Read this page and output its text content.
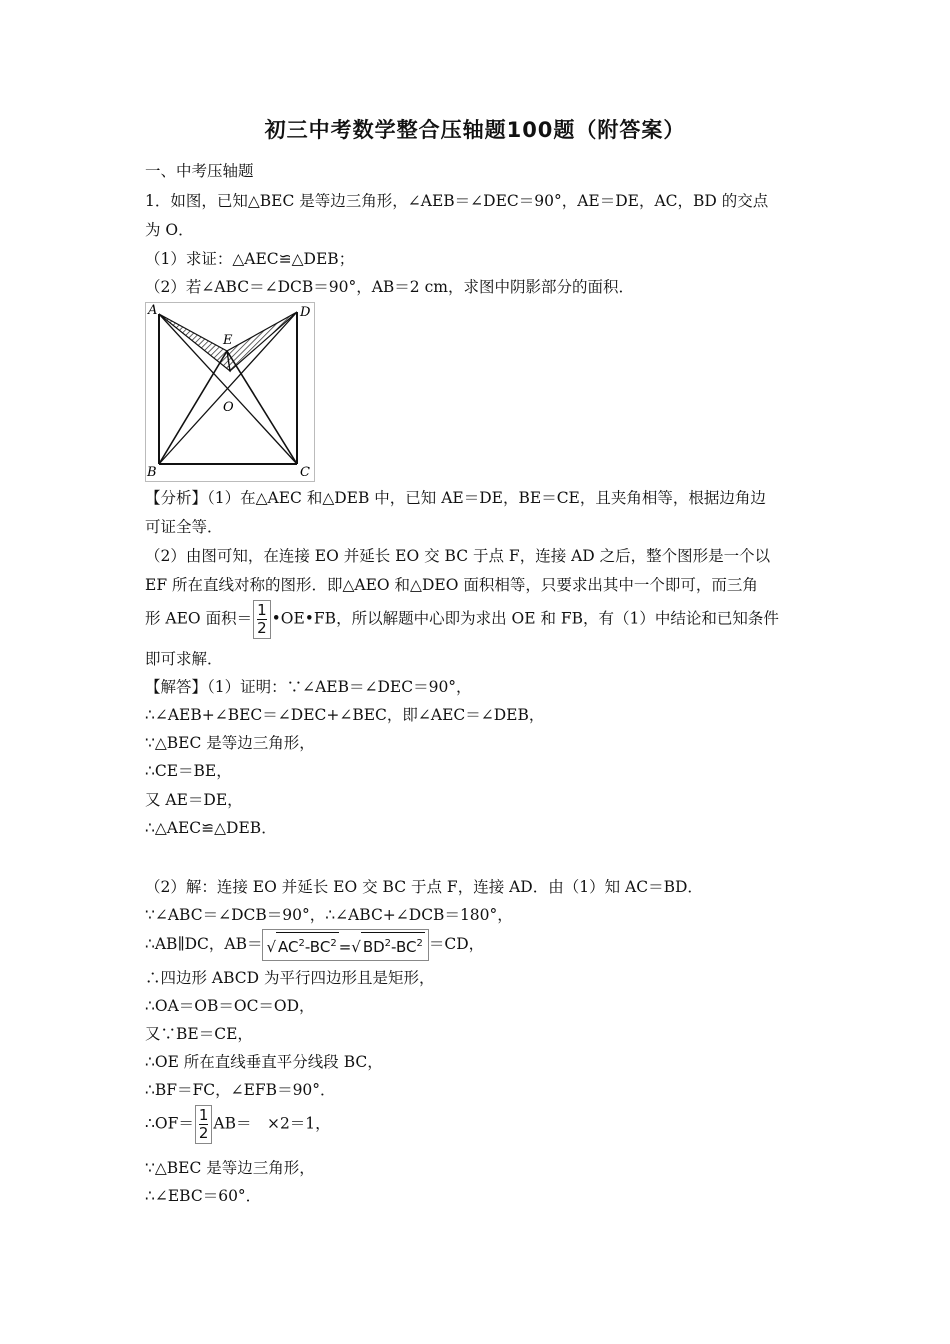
初三中考数学整合压轴题100题（附答案）
一、中考压轴题
1．如图，已知△BEC 是等边三角形，∠AEB＝∠DEC＝90°，AE＝DE，AC，BD 的交点
为 O．
（1）求证：△AEC≌△DEB；
（2）若∠ABC＝∠DCB＝90°，AB＝2 cm，求图中阴影部分的面积．
A	D
E
O
B	C
【分析】（1）在△AEC 和△DEB 中，已知 AE＝DE，BE＝CE，且夹角相等，根据边角边
可证全等．
（2）由图可知，在连接 EO 并延长 EO 交 BC 于点 F，连接 AD 之后，整个图形是一个以
EF 所在直线对称的图形．即△AEO 和△DEO 面积相等，只要求出其中一个即可，而三角
形 AEO 面积＝ $\frac{1}{2}$ •OE•FB，所以解题中心即为求出 OE 和 FB，有（1）中结论和已知条件
即可求解．
【解答】（1）证明：∵∠AEB＝∠DEC＝90°，
∴∠AEB+∠BEC＝∠DEC+∠BEC，即∠AEC＝∠DEB，
∵△BEC 是等边三角形，
∴CE＝BE，
又 AE＝DE，
∴△AEC≌△DEB．
（2）解：连接 EO 并延长 EO 交 BC 于点 F，连接 AD．由（1）知 AC＝BD．
∵∠ABC＝∠DCB＝90°，∴∠ABC+∠DCB＝180°，
∴AB∥DC，AB＝ √ $AC^2-BC^2$ =√ $BD^2-BC^2 =CD$，
∴四边形 ABCD 为平行四边形且是矩形，
∴OA＝OB＝OC＝OD，
又∵BE＝CE，
∴OE 所在直线垂直平分线段 BC，
∴BF＝FC，∠EFB＝90°．
∴OF＝ $\frac{1}{2} AB=$　×2＝1，
∵△BEC 是等边三角形，
∴∠EBC＝60°．
